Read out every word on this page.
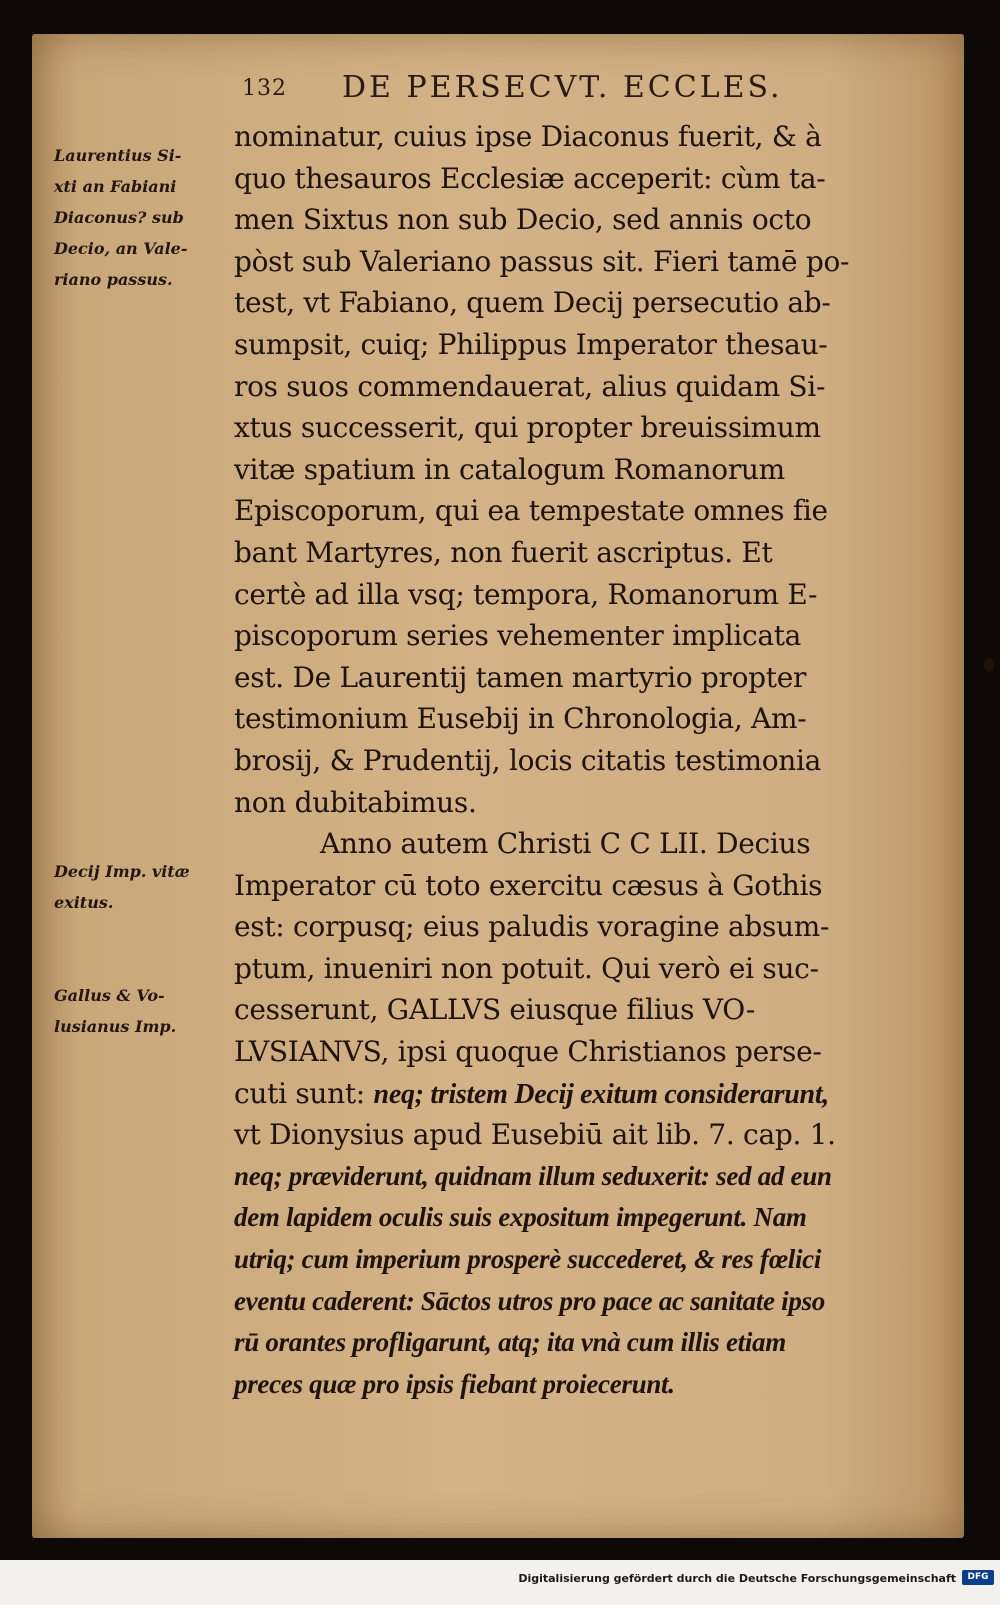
132 DE PERSECVT. ECCLES.
Laurentius Si-
xti an Fabiani
Diaconus? sub
Decio, an Vale-
riano passus.
Decij Imp. vitæ
exitus.
Gallus & Vo-
lusianus Imp.
nominatur, cuius ipse Diaconus fuerit, & à
quo thesauros Ecclesiæ acceperit: cùm ta-
men Sixtus non sub Decio, sed annis octo
pòst sub Valeriano passus sit. Fieri tamē po-
test, vt Fabiano, quem Decij persecutio ab-
sumpsit, cuiq; Philippus Imperator thesau-
ros suos commendauerat, alius quidam Si-
xtus successerit, qui propter breuissimum
vitæ spatium in catalogum Romanorum
Episcoporum, qui ea tempestate omnes fie
bant Martyres, non fuerit ascriptus. Et
certè ad illa vsq; tempora, Romanorum E-
piscoporum series vehementer implicata
est. De Laurentij tamen martyrio propter
testimonium Eusebij in Chronologia, Am-
brosij, & Prudentij, locis citatis testimonia
non dubitabimus.
Anno autem Christi C C LII. Decius
Imperator cū toto exercitu cæsus à Gothis
est: corpusq; eius paludis voragine absum-
ptum, inueniri non potuit. Qui verò ei suc-
cesserunt, GALLVS eiusque filius VO-
LVSIANVS, ipsi quoque Christianos perse-
cuti sunt: neq; tristem Decij exitum considerarunt,
vt Dionysius apud Eusebiū ait lib. 7. cap. 1.
neq; præviderunt, quidnam illum seduxerit: sed ad eun
dem lapidem oculis suis expositum impegerunt. Nam
utriq; cum imperium prosperè succederet, & res fœlici
eventu caderent: Sāctos utros pro pace ac sanitate ipso
rū orantes profligarunt, atq; ita vnà cum illis etiam
preces quæ pro ipsis fiebant proiecerunt.
Digitalisierung gefördert durch die Deutsche Forschungsgemeinschaft	DFG
